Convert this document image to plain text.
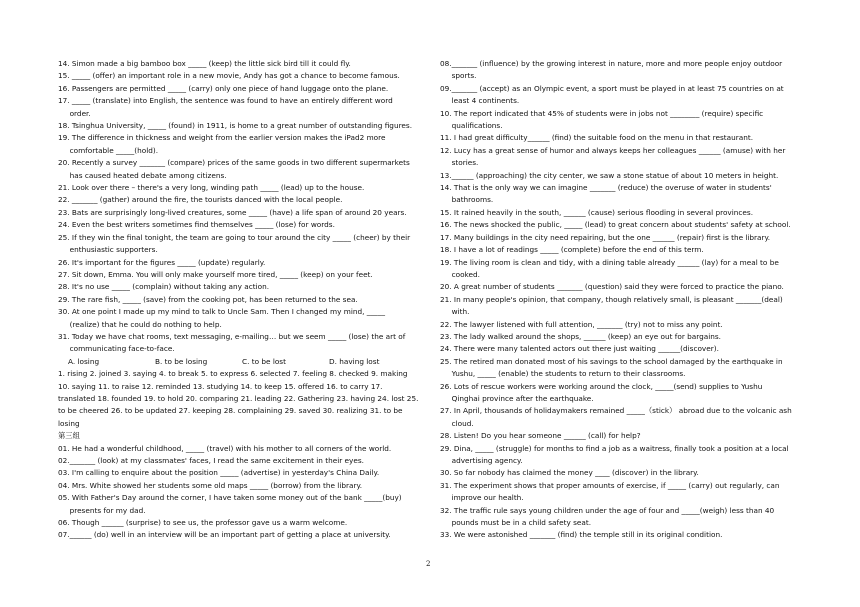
14. Simon made a big bamboo box _____ (keep) the little sick bird till it could fly.
15. _____ (offer) an important role in a new movie, Andy has got a chance to become famous.
16. Passengers are permitted _____ (carry) only one piece of hand luggage onto the plane.
17. _____ (translate) into English, the sentence was found to have an entirely different word
order.
18. Tsinghua University, _____ (found) in 1911, is home to a great number of outstanding figures.
19. The difference in thickness and weight from the earlier version makes the iPad2 more
comfortable _____(hold).
20. Recently a survey _______ (compare) prices of the same goods in two different supermarkets
has caused heated debate among citizens.
21. Look over there – there's a very long, winding path _____ (lead) up to the house.
22. _______ (gather) around the fire, the tourists danced with the local people.
23. Bats are surprisingly long-lived creatures, some _____ (have) a life span of around 20 years.
24. Even the best writers sometimes find themselves _____ (lose) for words.
25. If they win the final tonight, the team are going to tour around the city _____ (cheer) by their
enthusiastic supporters.
26. It's important for the figures _____ (update) regularly.
27. Sit down, Emma. You will only make yourself more tired, _____ (keep) on your feet.
28. It's no use _____ (complain) without taking any action.
29. The rare fish, _____ (save) from the cooking pot, has been returned to the sea.
30. At one point I made up my mind to talk to Uncle Sam. Then I changed my mind, _____
(realize) that he could do nothing to help.
31. Today we have chat rooms, text messaging, e-mailing… but we seem _____ (lose) the art of
communicating face-to-face.
A. losing	B. to be losing	C. to be lost	D. having lost
1. rising 2. joined 3. saying 4. to break 5. to express 6. selected 7. feeling 8. checked 9. making
10. saying 11. to raise 12. reminded 13. studying 14. to keep 15. offered 16. to carry 17.
translated 18. founded 19. to hold 20. comparing 21. leading 22. Gathering 23. having 24. lost 25.
to be cheered 26. to be updated 27. keeping 28. complaining 29. saved 30. realizing 31. to be
losing
第三组
01. He had a wonderful childhood, _____ (travel) with his mother to all corners of the world.
02._______ (look) at my classmates' faces, I read the same excitement in their eyes.
03. I'm calling to enquire about the position _____ (advertise) in yesterday's China Daily.
04. Mrs. White showed her students some old maps _____ (borrow) from the library.
05. With Father's Day around the corner, I have taken some money out of the bank _____(buy)
presents for my dad.
06. Though ______ (surprise) to see us, the professor gave us a warm welcome.
07.______ (do) well in an interview will be an important part of getting a place at university.
08._______ (influence) by the growing interest in nature, more and more people enjoy outdoor
sports.
09._______ (accept) as an Olympic event, a sport must be played in at least 75 countries on at
least 4 continents.
10. The report indicated that 45% of students were in jobs not ________ (require) specific
qualifications.
11. I had great difficulty______ (find) the suitable food on the menu in that restaurant.
12. Lucy has a great sense of humor and always keeps her colleagues ______ (amuse) with her
stories.
13.______ (approaching) the city center, we saw a stone statue of about 10 meters in height.
14. That is the only way we can imagine _______ (reduce) the overuse of water in students'
bathrooms.
15. It rained heavily in the south, ______ (cause) serious flooding in several provinces.
16. The news shocked the public, _____ (lead) to great concern about students' safety at school.
17. Many buildings in the city need repairing, but the one ______ (repair) first is the library.
18. I have a lot of readings _____ (complete) before the end of this term.
19. The living room is clean and tidy, with a dining table already ______ (lay) for a meal to be
cooked.
20. A great number of students _______ (question) said they were forced to practice the piano.
21. In many people's opinion, that company, though relatively small, is pleasant _______(deal)
with.
22. The lawyer listened with full attention, _______ (try) not to miss any point.
23. The lady walked around the shops, ______ (keep) an eye out for bargains.
24. There were many talented actors out there just waiting ______(discover).
25. The retired man donated most of his savings to the school damaged by the earthquake in
Yushu, _____ (enable) the students to return to their classrooms.
26. Lots of rescue workers were working around the clock, _____(send) supplies to Yushu
Qinghai province after the earthquake.
27. In April, thousands of holidaymakers remained _____（stick） abroad due to the volcanic ash
cloud.
28. Listen! Do you hear someone ______ (call) for help?
29. Dina, _____ (struggle) for months to find a job as a waitress, finally took a position at a local
advertising agency.
30. So far nobody has claimed the money ____ (discover) in the library.
31. The experiment shows that proper amounts of exercise, if _____ (carry) out regularly, can
improve our health.
32. The traffic rule says young children under the age of four and _____(weigh) less than 40
pounds must be in a child safety seat.
33. We were astonished _______ (find) the temple still in its original condition.
2
